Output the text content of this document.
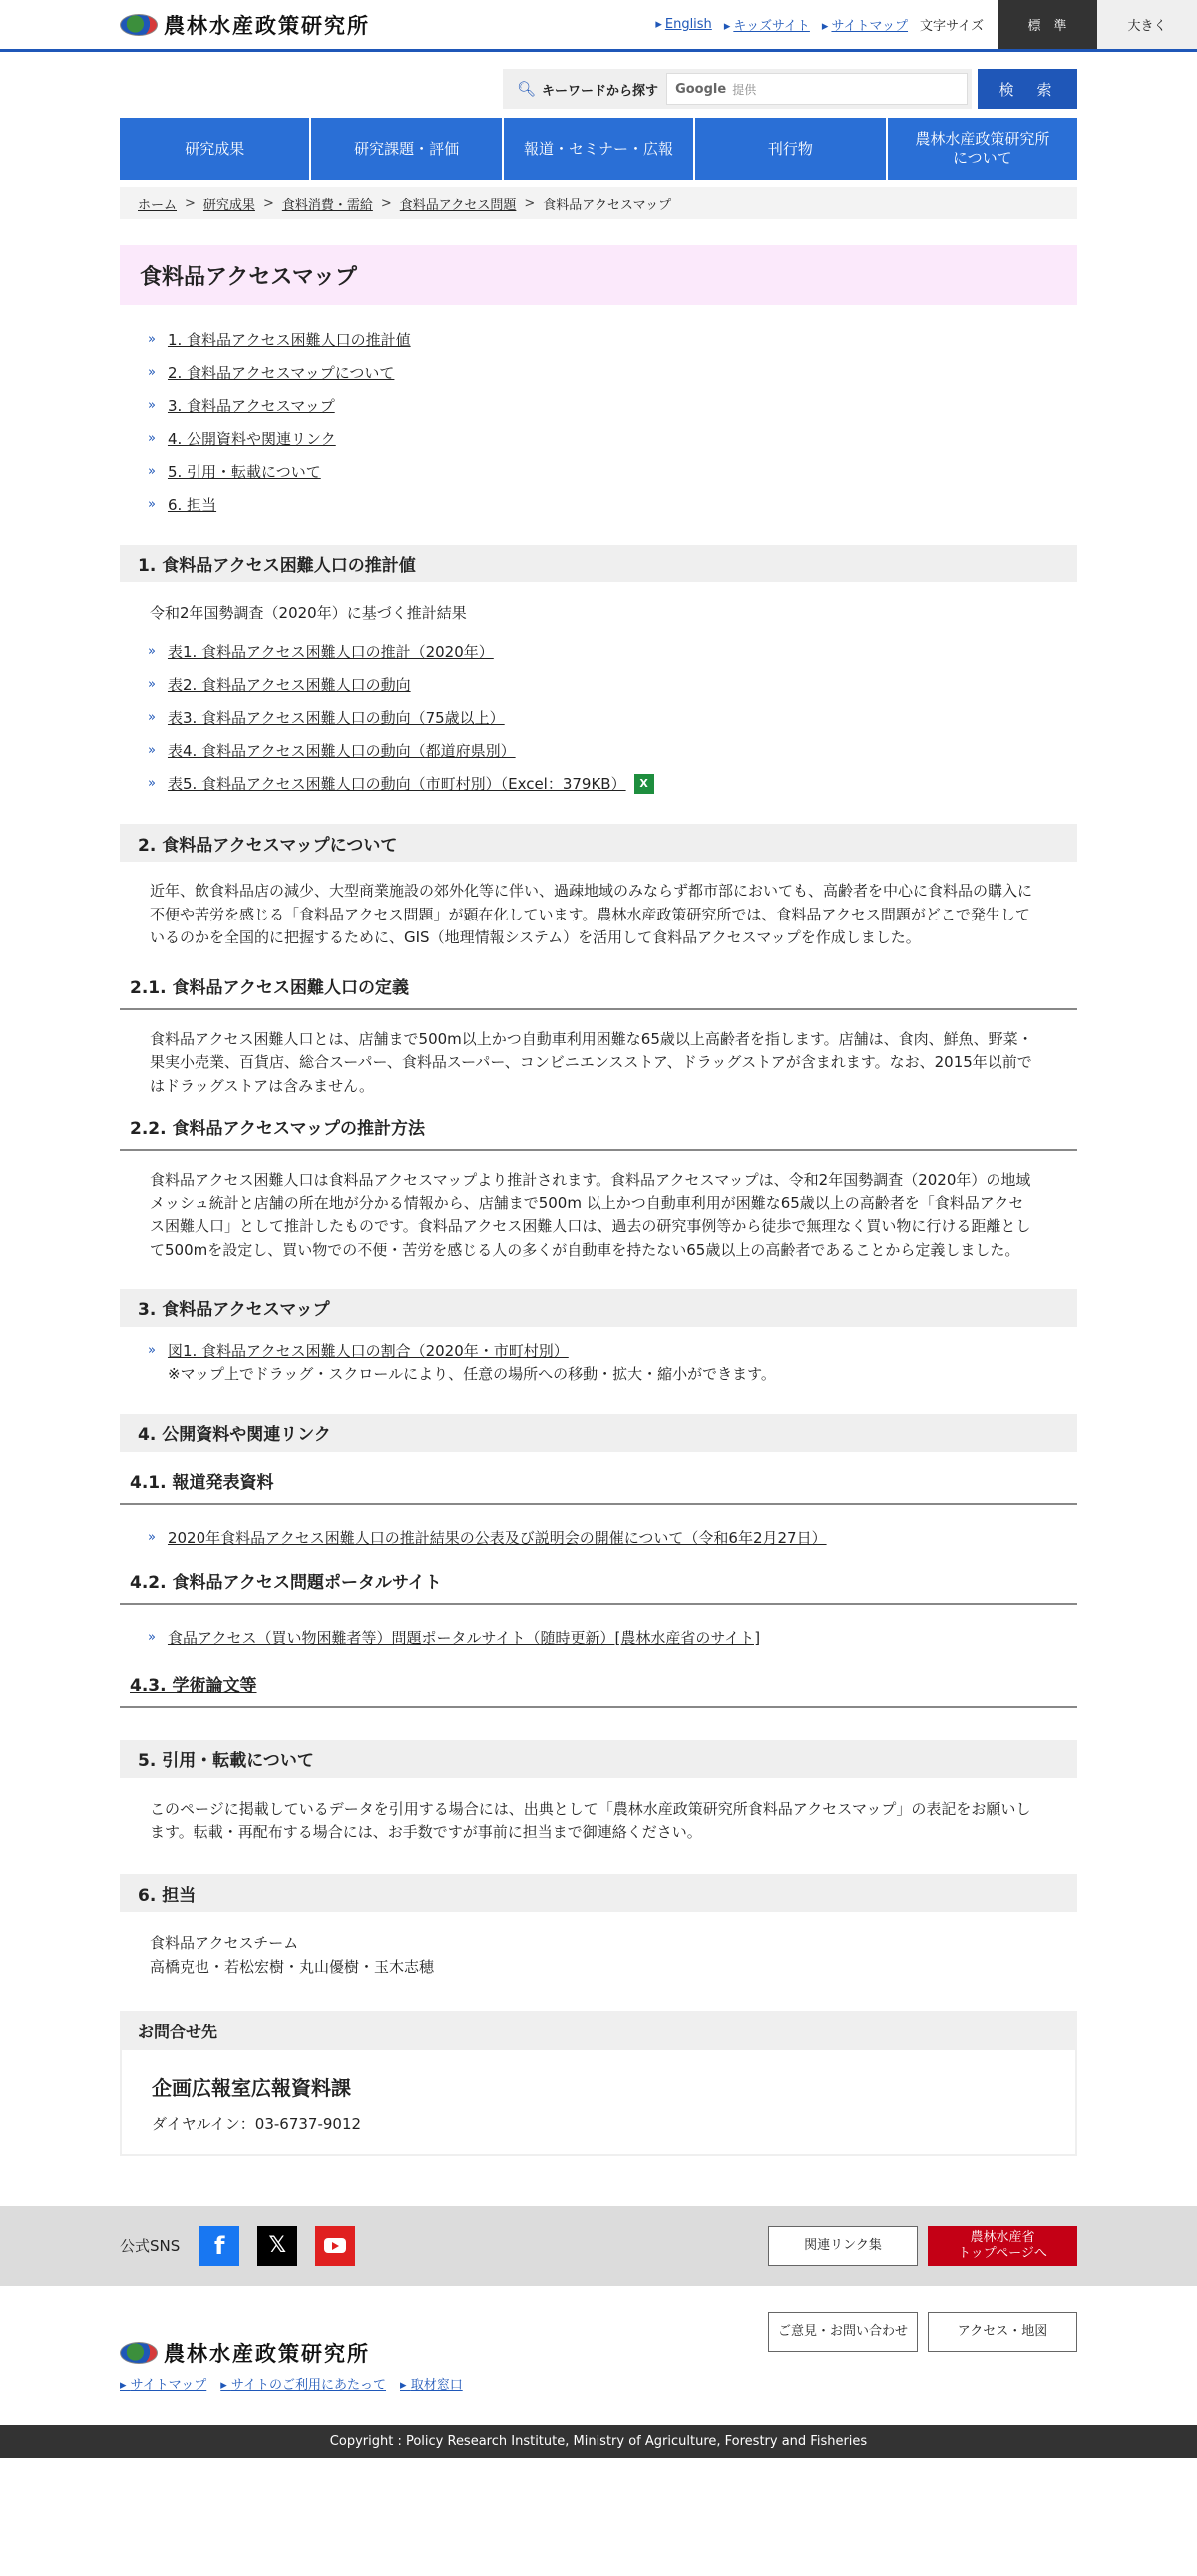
農林水産政策研究所	▸ English	▸ キッズサイト	▸ サイトマップ 文字サイズ	標　準	大きく
🔍︎ キーワードから探す Google 提供	検　索
研究成果	研究課題・評価	報道・セミナー・広報	刊行物
農林水産政策研究所
について
ホーム > 研究成果 > 食料消費・需給 > 食料品アクセス問題 > 食料品アクセスマップ
食料品アクセスマップ
» 1. 食料品アクセス困難人口の推計値
» 2. 食料品アクセスマップについて
» 3. 食料品アクセスマップ
» 4. 公開資料や関連リンク
» 5. 引用・転載について
» 6. 担当
1. 食料品アクセス困難人口の推計値
令和2年国勢調査（2020年）に基づく推計結果
» 表1. 食料品アクセス困難人口の推計（2020年）
» 表2. 食料品アクセス困難人口の動向
» 表3. 食料品アクセス困難人口の動向（75歳以上）
» 表4. 食料品アクセス困難人口の動向（都道府県別）
» 表5. 食料品アクセス困難人口の動向（市町村別）（Excel：379KB）	X
2. 食料品アクセスマップについて
近年、飲食料品店の減少、大型商業施設の郊外化等に伴い、過疎地域のみならず都市部においても、高齢者を中心に食料品の購入に不便や苦労を感じる「食料品アクセス問題」が顕在化しています。農林水産政策研究所では、食料品アクセス問題がどこで発生しているのかを全国的に把握するために、GIS（地理情報システム）を活用して食料品アクセスマップを作成しました。
2.1. 食料品アクセス困難人口の定義
食料品アクセス困難人口とは、店舗まで500m以上かつ自動車利用困難な65歳以上高齢者を指します。店舗は、食肉、鮮魚、野菜・果実小売業、百貨店、総合スーパー、食料品スーパー、コンビニエンスストア、ドラッグストアが含まれます。なお、2015年以前ではドラッグストアは含みません。
2.2. 食料品アクセスマップの推計方法
食料品アクセス困難人口は食料品アクセスマップより推計されます。食料品アクセスマップは、令和2年国勢調査（2020年）の地域メッシュ統計と店舗の所在地が分かる情報から、店舗まで500m 以上かつ自動車利用が困難な65歳以上の高齢者を「食料品アクセス困難人口」として推計したものです。食料品アクセス困難人口は、過去の研究事例等から徒歩で無理なく買い物に行ける距離として500mを設定し、買い物での不便・苦労を感じる人の多くが自動車を持たない65歳以上の高齢者であることから定義しました。
3. 食料品アクセスマップ
» 図1. 食料品アクセス困難人口の割合（2020年・市町村別）
※マップ上でドラッグ・スクロールにより、任意の場所への移動・拡大・縮小ができます。
4. 公開資料や関連リンク
4.1. 報道発表資料
» 2020年食料品アクセス困難人口の推計結果の公表及び説明会の開催について（令和6年2月27日）
4.2. 食料品アクセス問題ポータルサイト
» 食品アクセス（買い物困難者等）問題ポータルサイト（随時更新）[農林水産省のサイト]
4.3. 学術論文等
5. 引用・転載について
このページに掲載しているデータを引用する場合には、出典として「農林水産政策研究所食料品アクセスマップ」の表記をお願いします。転載・再配布する場合には、お手数ですが事前に担当まで御連絡ください。
6. 担当
食料品アクセスチーム
高橋克也・若松宏樹・丸山優樹・玉木志穂
お問合せ先
企画広報室広報資料課
ダイヤルイン：03-6737-9012
公式SNS	f	𝕏	関連リンク集
農林水産省
トップページへ
ご意見・お問い合わせ	アクセス・地図
農林水産政策研究所
▸ サイトマップ	▸ サイトのご利用にあたって	▸ 取材窓口
Copyright : Policy Research Institute, Ministry of Agriculture, Forestry and Fisheries
